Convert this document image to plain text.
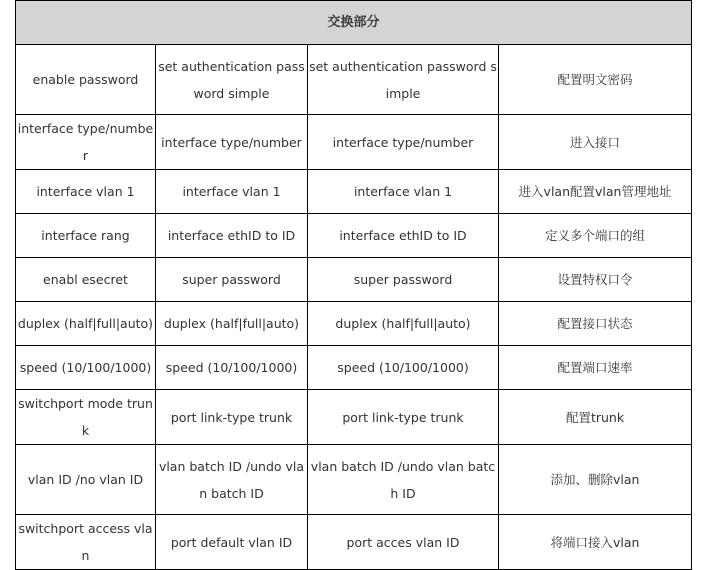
交换部分			
enable password	set authentication password simple	set authentication password simple	配置明文密码
interface type/number	interface type/number	interface type/number	进入接口
interface vlan 1	interface vlan 1	interface vlan 1	进入vlan配置vlan管理地址
interface rang	interface ethID to ID	interface ethID to ID	定义多个端口的组
enabl esecret	super password	super password	设置特权口令
duplex (half|full|auto)	duplex (half|full|auto)	duplex (half|full|auto)	配置接口状态
speed (10/100/1000)	speed (10/100/1000)	speed (10/100/1000)	配置端口速率
switchport mode trunk	port link-type trunk	port link-type trunk	配置trunk
vlan ID /no vlan ID	vlan batch ID /undo vlan batch ID	vlan batch ID /undo vlan batch ID	添加、删除vlan
switchport access vlan	port default vlan ID	port acces vlan ID	将端口接入vlan
